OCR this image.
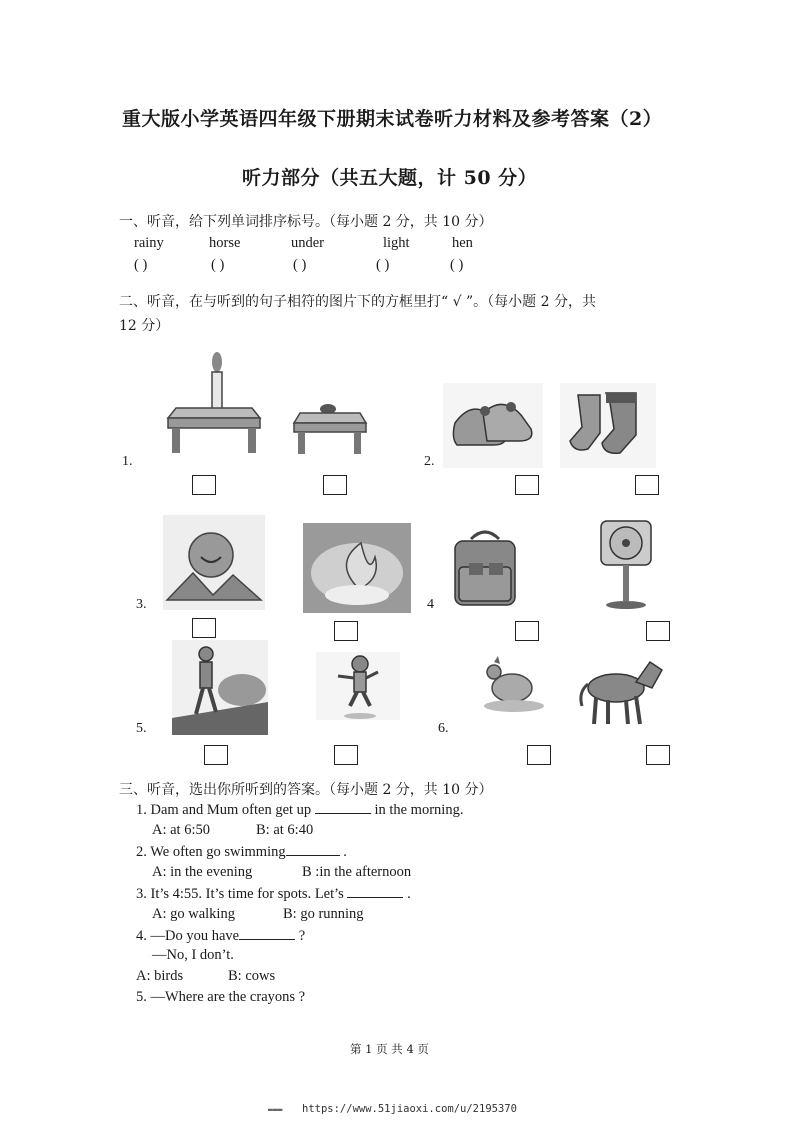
重大版小学英语四年级下册期末试卷听力材料及参考答案（2）
听力部分（共五大题，计 50 分）
一、听音，给下列单词排序标号。（每小题 2 分，共 10 分）
rainy	horse	under	light	hen
( )	( )	( )	( )	( )
二、听音，在与听到的句子相符的图片下的方框里打“ √ ”。（每小题 2 分，共
12 分）
1.	2.
3.	4
5.	6.
三、听音，选出你所听到的答案。（每小题 2 分，共 10 分）
1. Dam and Mum often get up	in the morning.
A: at 6:50	B: at 6:40
2. We often go swimming	.
A: in the evening	B :in the afternoon
3. It’s 4:55. It’s time for spots. Let’s	.
A: go walking	B: go running
4. —Do you have	?
—No, I don’t.
A: birds	B: cows
5. —Where are the crayons ?
第 1 页 共 4 页
▬▬▬ https://www.51jiaoxi.com/u/2195370
